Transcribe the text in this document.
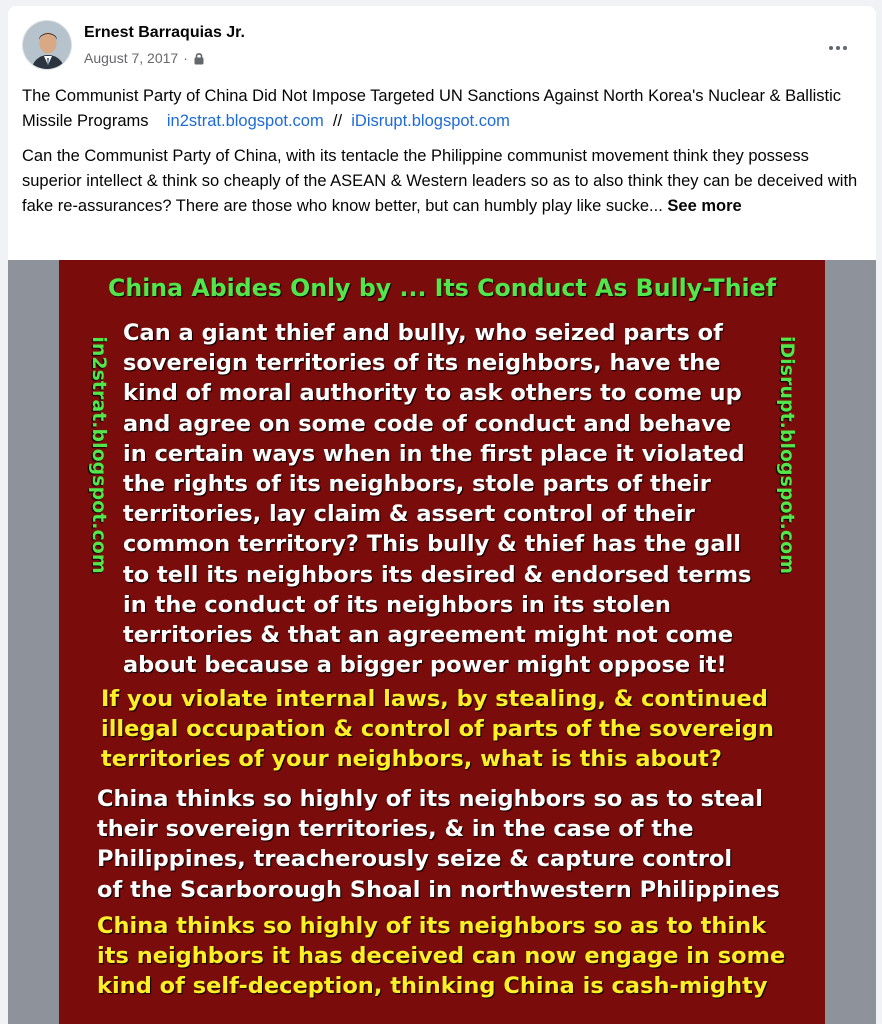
Ernest Barraquias Jr.
August 7, 2017 ·
The Communist Party of China Did Not Impose Targeted UN Sanctions Against North Korea's Nuclear & Ballistic Missile Programs in2strat.blogspot.com // iDisrupt.blogspot.com
Can the Communist Party of China, with its tentacle the Philippine communist movement think they possess superior intellect & think so cheaply of the ASEAN & Western leaders so as to also think they can be deceived with fake re-assurances? There are those who know better, but can humbly play like sucke... See more
China Abides Only by ... Its Conduct As Bully-Thief
in2strat.blogspot.com	iDisrupt.blogspot.com
Can a giant thief and bully, who seized parts of
sovereign territories of its neighbors, have the
kind of moral authority to ask others to come up
and agree on some code of conduct and behave
in certain ways when in the first place it violated
the rights of its neighbors, stole parts of their
territories, lay claim & assert control of their
common territory? This bully & thief has the gall
to tell its neighbors its desired & endorsed terms
in the conduct of its neighbors in its stolen
territories & that an agreement might not come
about because a bigger power might oppose it!
If you violate internal laws, by stealing, & continued
illegal occupation & control of parts of the sovereign
territories of your neighbors, what is this about?
China thinks so highly of its neighbors so as to steal
their sovereign territories, & in the case of the
Philippines, treacherously seize & capture control
of the Scarborough Shoal in northwestern Philippines
China thinks so highly of its neighbors so as to think
its neighbors it has deceived can now engage in some
kind of self-deception, thinking China is cash-mighty
